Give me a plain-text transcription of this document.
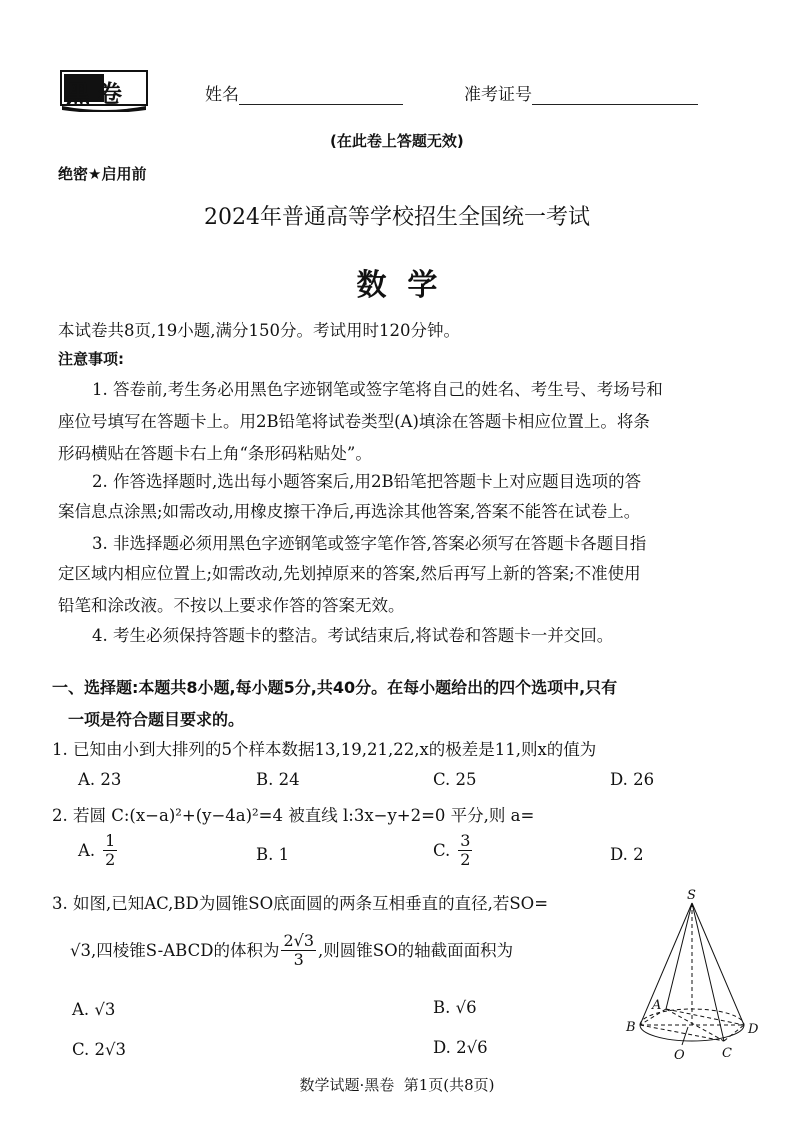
黑卷	姓名	准考证号
(在此卷上答题无效)
绝密★启用前
2024年普通高等学校招生全国统一考试
数  学
本试卷共8页,19小题,满分150分。考试用时120分钟。
注意事项:
1. 答卷前,考生务必用黑色字迹钢笔或签字笔将自己的姓名、考生号、考场号和
座位号填写在答题卡上。用2B铅笔将试卷类型(A)填涂在答题卡相应位置上。将条
形码横贴在答题卡右上角“条形码粘贴处”。
2. 作答选择题时,选出每小题答案后,用2B铅笔把答题卡上对应题目选项的答
案信息点涂黑;如需改动,用橡皮擦干净后,再选涂其他答案,答案不能答在试卷上。
3. 非选择题必须用黑色字迹钢笔或签字笔作答,答案必须写在答题卡各题目指
定区域内相应位置上;如需改动,先划掉原来的答案,然后再写上新的答案;不准使用
铅笔和涂改液。不按以上要求作答的答案无效。
4. 考生必须保持答题卡的整洁。考试结束后,将试卷和答题卡一并交回。
一、选择题:本题共8小题,每小题5分,共40分。在每小题给出的四个选项中,只有
一项是符合题目要求的。
1. 已知由小到大排列的5个样本数据13,19,21,22,x的极差是11,则x的值为
A. 23	B. 24	C. 25	D. 26
2. 若圆 C:(x−a)²+(y−4a)²=4 被直线 l:3x−y+2=0 平分,则 a=
A. $\frac{1}{2}$	B. 1	C. $\frac{3}{2}$	D. 2
3. 如图,已知AC,BD为圆锥SO底面圆的两条互相垂直的直径,若SO=
√3,四棱锥S-ABCD的体积为 $\frac{2√3}{3}$ ,则圆锥SO的轴截面面积为
A. √3	B. √6
C. 2√3	D. 2√6
S
A
B	D
O	C
数学试题·黑卷  第1页(共8页)
